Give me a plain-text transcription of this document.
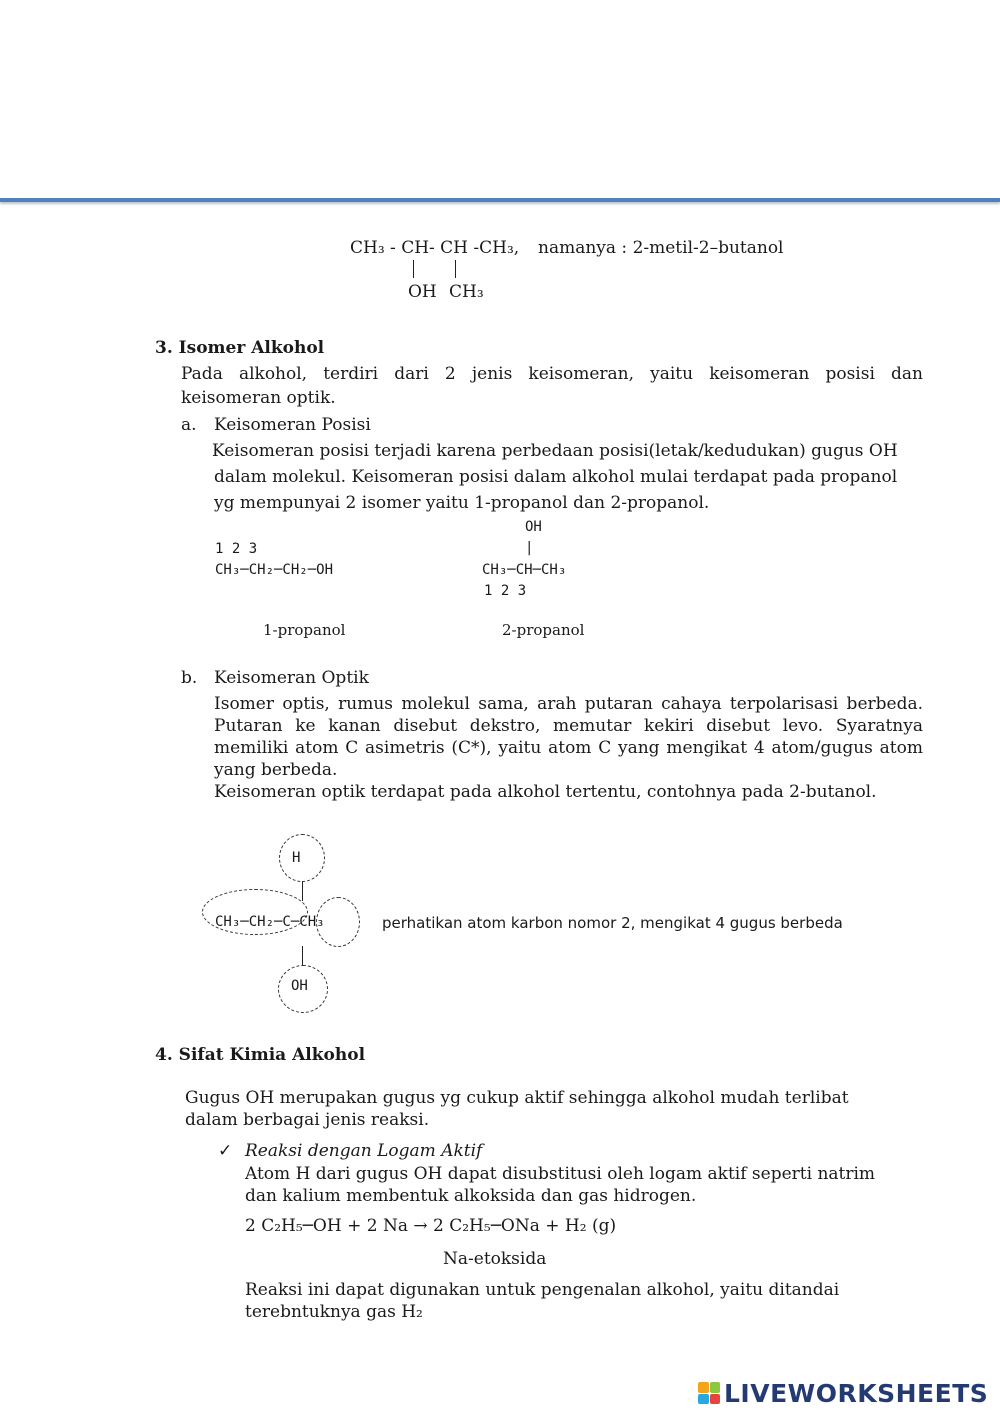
CH₃ - CH- CH -CH₃, namanya : 2-metil-2–butanol
OH CH₃
3. Isomer Alkohol
Pada alkohol, terdiri dari 2 jenis keisomeran, yaitu keisomeran posisi dan
keisomeran optik.
a. Keisomeran Posisi
Keisomeran posisi terjadi karena perbedaan posisi(letak/kedudukan) gugus OH
dalam molekul. Keisomeran posisi dalam alkohol mulai terdapat pada propanol
yg mempunyai 2 isomer yaitu 1-propanol dan 2-propanol.
1 2 3
CH₃─CH₂─CH₂─OH
1-propanol
OH
|
CH₃─CH─CH₃
1 2 3
2-propanol
b. Keisomeran Optik
Isomer optis, rumus molekul sama, arah putaran cahaya terpolarisasi berbeda.
Putaran ke kanan disebut dekstro, memutar kekiri disebut levo. Syaratnya
memiliki atom C asimetris (C*), yaitu atom C yang mengikat 4 atom/gugus atom
yang berbeda.
Keisomeran optik terdapat pada alkohol tertentu, contohnya pada 2-butanol.
H
CH₃─CH₂─C─CH₃
OH
perhatikan atom karbon nomor 2, mengikat 4 gugus berbeda
4. Sifat Kimia Alkohol
Gugus OH merupakan gugus yg cukup aktif sehingga alkohol mudah terlibat
dalam berbagai jenis reaksi.
✓ Reaksi dengan Logam Aktif
Atom H dari gugus OH dapat disubstitusi oleh logam aktif seperti natrim
dan kalium membentuk alkoksida dan gas hidrogen.
2 C₂H₅─OH + 2 Na → 2 C₂H₅─ONa + H₂ (g)
Na-etoksida
Reaksi ini dapat digunakan untuk pengenalan alkohol, yaitu ditandai
terebntuknya gas H₂
LIVEWORKSHEETS
